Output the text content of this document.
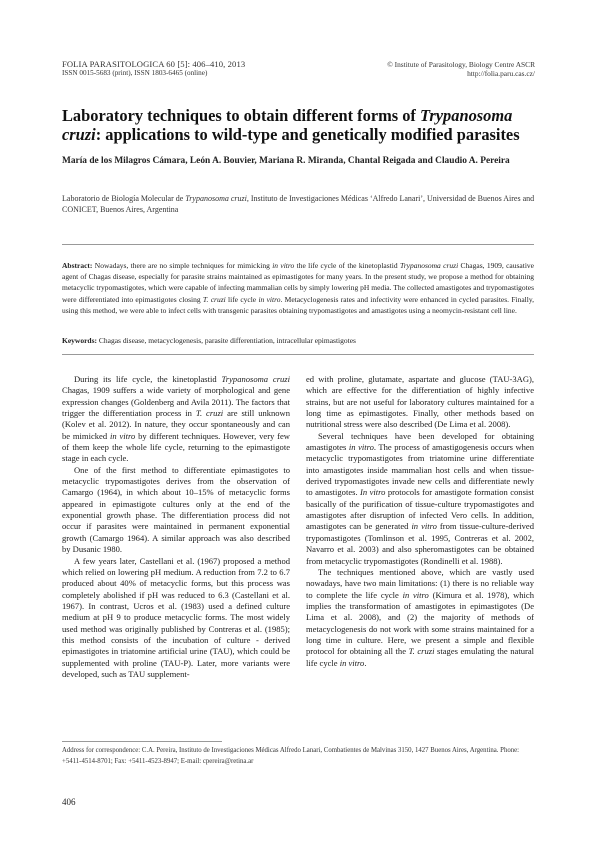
FOLIA PARASITOLOGICA 60 [5]: 406–410, 2013
ISSN 0015-5683 (print), ISSN 1803-6465 (online)
© Institute of Parasitology, Biology Centre ASCR
http://folia.paru.cas.cz/
Laboratory techniques to obtain different forms of Trypanosoma cruzi: applications to wild-type and genetically modified parasites
María de los Milagros Cámara, León A. Bouvier, Mariana R. Miranda, Chantal Reigada and Claudio A. Pereira
Laboratorio de Biología Molecular de Trypanosoma cruzi, Instituto de Investigaciones Médicas ‘Alfredo Lanari’, Universidad de Buenos Aires and CONICET, Buenos Aires, Argentina
Abstract: Nowadays, there are no simple techniques for mimicking in vitro the life cycle of the kinetoplastid Trypanosoma cruzi Chagas, 1909, causative agent of Chagas disease, especially for parasite strains maintained as epimastigotes for many years. In the present study, we propose a method for obtaining metacyclic trypomastigotes, which were capable of infecting mammalian cells by simply lowering pH media. The collected amastigotes and trypomastigotes were differentiated into epimastigotes closing T. cruzi life cycle in vitro. Metacyclogenesis rates and infectivity were enhanced in cycled parasites. Finally, using this method, we were able to infect cells with transgenic parasites obtaining trypomastigotes and amastigotes using a neomycin-resistant cell line.
Keywords: Chagas disease, metacyclogenesis, parasite differentiation, intracellular epimastigotes

During its life cycle, the kinetoplastid Trypanosoma cruzi Chagas, 1909 suffers a wide variety of morphological and gene expression changes (Goldenberg and Avila 2011). The factors that trigger the differentiation process in T. cruzi are still unknown (Kolev et al. 2012). In nature, they occur spontaneously and can be mimicked in vitro by different techniques. However, very few of them keep the whole life cycle, returning to the epimastigote stage in each cycle.

One of the first method to differentiate epimastigotes to metacyclic trypomastigotes derives from the observation of Camargo (1964), in which about 10–15% of metacyclic forms appeared in epimastigote cultures only at the end of the exponential growth phase. The differentiation process did not occur if parasites were maintained in permanent exponential growth (Camargo 1964). A similar approach was also described by Dusanic 1980.

A few years later, Castellani et al. (1967) proposed a method which relied on lowering pH medium. A reduction from 7.2 to 6.7 produced about 40% of metacyclic forms, but this process was completely abolished if pH was reduced to 6.3 (Castellani et al. 1967). In contrast, Ucros et al. (1983) used a defined culture medium at pH 9 to produce metacyclic forms. The most widely used method was originally published by Contreras et al. (1985); this method consists of the incubation of culture - derived epimastigotes in triatomine artificial urine (TAU), which could be supplemented with proline (TAU-P). Later, more variants were developed, such as TAU supplement-

ed with proline, glutamate, aspartate and glucose (TAU-3AG), which are effective for the differentiation of highly infective strains, but are not useful for laboratory cultures maintained for a long time as epimastigotes. Finally, other methods based on nutritional stress were also described (De Lima et al. 2008).

Several techniques have been developed for obtaining amastigotes in vitro. The process of amastigogenesis occurs when metacyclic trypomastigotes from triatomine urine differentiate into amastigotes inside mammalian host cells and when tissue-derived trypomastigotes invade new cells and differentiate newly to amastigotes. In vitro protocols for amastigote formation consist basically of the purification of tissue-culture trypomastigotes and amastigotes after disruption of infected Vero cells. In addition, amastigotes can be generated in vitro from tissue-culture-derived trypomastigotes (Tomlinson et al. 1995, Contreras et al. 2002, Navarro et al. 2003) and also spheromastigotes can be obtained from metacyclic trypomastigotes (Rondinelli et al. 1988).

The techniques mentioned above, which are vastly used nowadays, have two main limitations: (1) there is no reliable way to complete the life cycle in vitro (Kimura et al. 1978), which implies the transformation of amastigotes in epimastigotes (De Lima et al. 2008), and (2) the majority of methods of metacyclogenesis do not work with some strains maintained for a long time in culture. Here, we present a simple and flexible protocol for obtaining all the T. cruzi stages emulating the natural life cycle in vitro.

Address for correspondence: C.A. Pereira, Instituto de Investigaciones Médicas Alfredo Lanari, Combatientes de Malvinas 3150, 1427 Buenos Aires, Argentina. Phone: +5411-4514-8701; Fax: +5411-4523-8947; E-mail: cpereira@retina.ar
406
